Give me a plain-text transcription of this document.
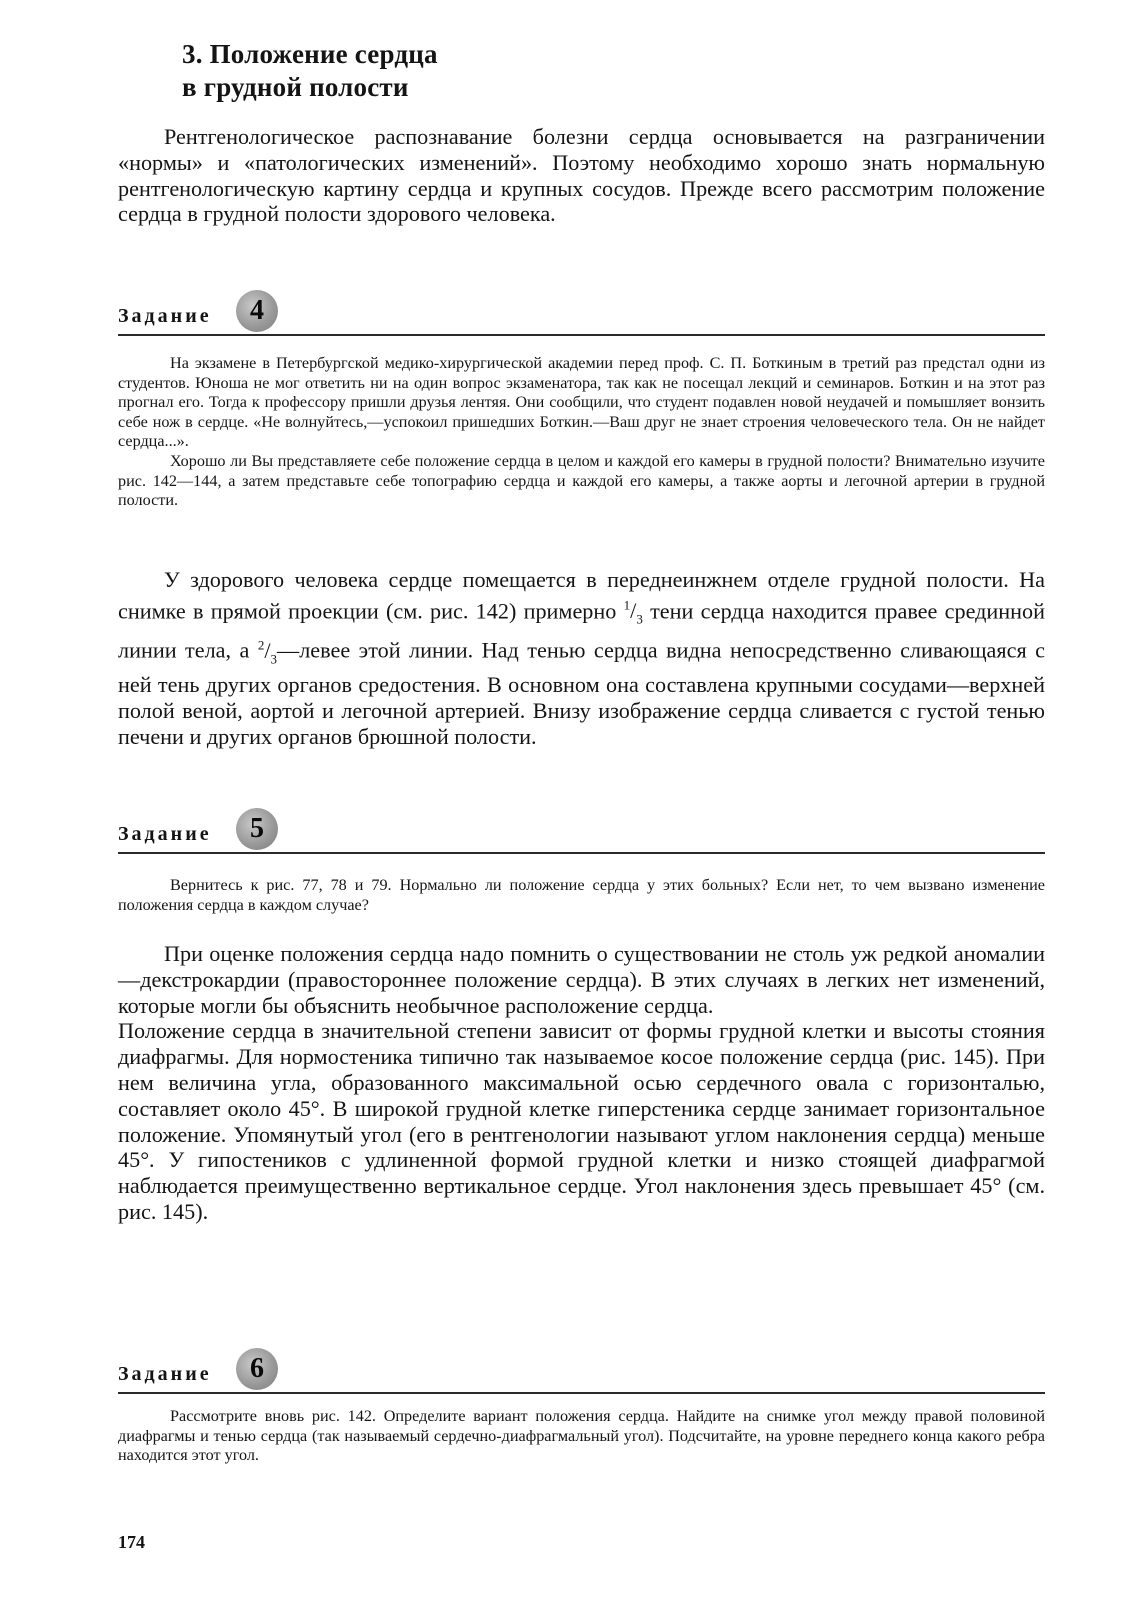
3. Положение сердца
в грудной полости

Рентгенологическое распознавание болезни сердца основывается на разграничении «нормы» и «патологических изменений». Поэтому необходимо хорошо знать нормальную рентгенологическую картину сердца и крупных сосудов. Прежде всего рассмотрим положение сердца в грудной полости здорового человека.

Задание	4

На экзамене в Петербургской медико-хирургической академии перед проф. С. П. Боткиным в третий раз предстал одни из студентов. Юноша не мог ответить ни на один вопрос экзаменатора, так как не посещал лекций и семинаров. Боткин и на этот раз прогнал его. Тогда к профессору пришли друзья лентяя. Они сообщили, что студент подавлен новой неудачей и помышляет вонзить себе нож в сердце. «Не волнуйтесь,—успокоил пришедших Боткин.—Ваш друг не знает строения человеческого тела. Он не найдет сердца...».

Хорошо ли Вы представляете себе положение сердца в целом и каждой его камеры в грудной полости? Внимательно изучите рис. 142—144, а затем представьте себе топографию сердца и каждой его камеры, а также аорты и легочной артерии в грудной полости.

У здорового человека сердце помещается в переднеинжнем отделе грудной полости. На снимке в прямой проекции (см. рис. 142) примерно $^1/_3$ тени сердца находится правее срединной линии тела, а $^2/_3—левее$ этой линии. Над тенью сердца видна непосредственно сливающаяся с ней тень других органов средостения. В основном она составлена крупными сосудами—верхней полой веной, аортой и легочной артерией. Внизу изображение сердца сливается с густой тенью печени и других органов брюшной полости.

Задание	5

Вернитесь к рис. 77, 78 и 79. Нормально ли положение сердца у этих больных? Если нет, то чем вызвано изменение положения сердца в каждом случае?

При оценке положения сердца надо помнить о существовании не столь уж редкой аномалии—декстрокардии (правостороннее положение сердца). В этих случаях в легких нет изменений, которые могли бы объяснить необычное расположение сердца.

Положение сердца в значительной степени зависит от формы грудной клетки и высоты стояния диафрагмы. Для нормостеника типично так называемое косое положение сердца (рис. 145). При нем величина угла, образованного максимальной осью сердечного овала с горизонталью, составляет около 45°. В широкой грудной клетке гиперстеника сердце занимает горизонтальное положение. Упомянутый угол (его в рентгенологии называют углом наклонения сердца) меньше 45°. У гипостеников с удлиненной формой грудной клетки и низко стоящей диафрагмой наблюдается преимущественно вертикальное сердце. Угол наклонения здесь превышает 45° (см. рис. 145).

Задание	6

Рассмотрите вновь рис. 142. Определите вариант положения сердца. Найдите на снимке угол между правой половиной диафрагмы и тенью сердца (так называемый сердечно-диафрагмальный угол). Подсчитайте, на уровне переднего конца какого ребра находится этот угол.

174
